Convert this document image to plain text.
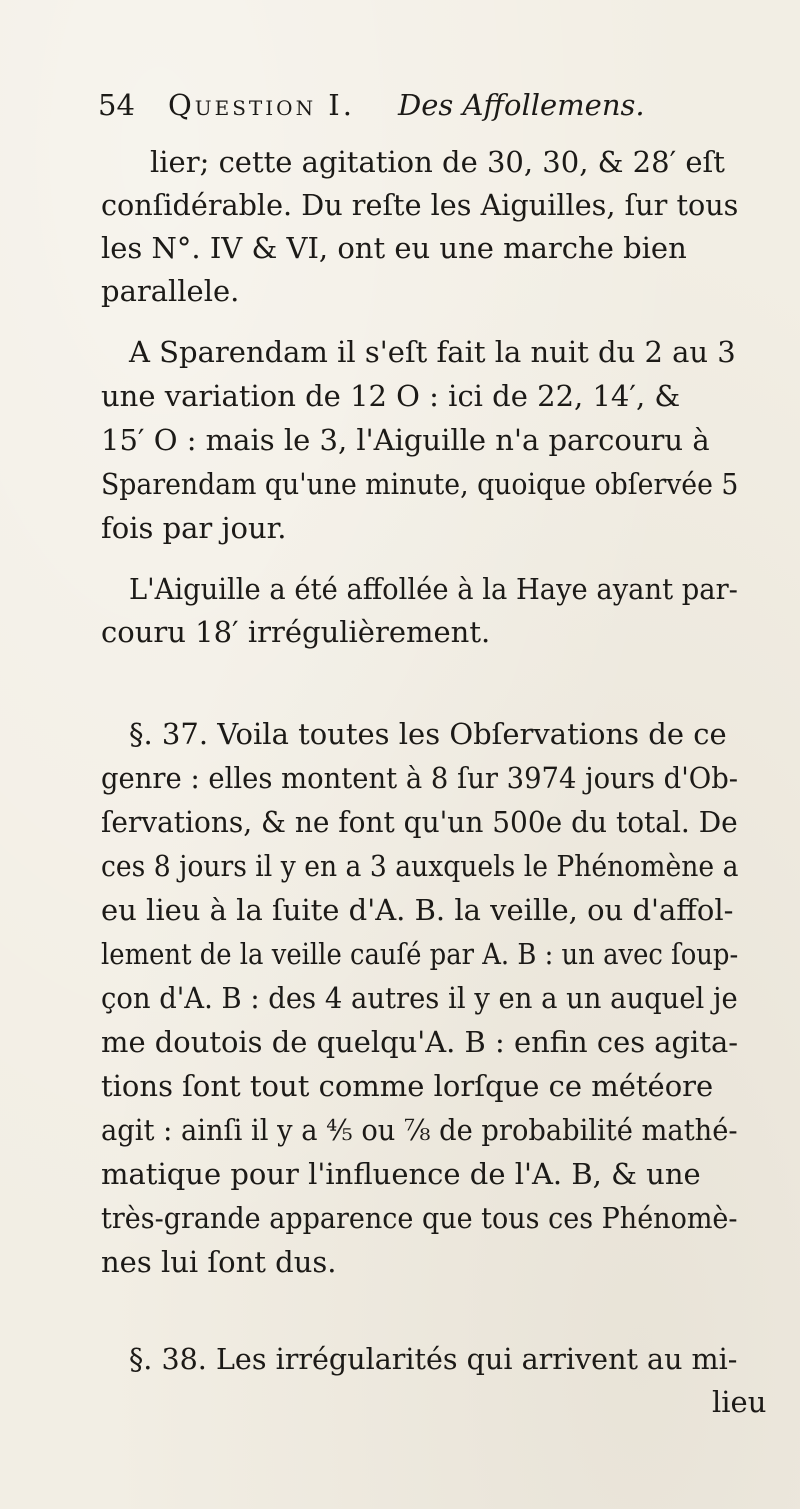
54 Question I. Des Affollemens.
lier; cette agitation de 30, 30, & 28′ eſt
conſidérable. Du reſte les Aiguilles, ſur tous
les N°. IV & VI, ont eu une marche bien
parallele.
A Sparendam il s'eſt fait la nuit du 2 au 3
une variation de 12 O : ici de 22, 14′, &
15′ O : mais le 3, l'Aiguille n'a parcouru à
Sparendam qu'une minute, quoique obſervée 5
fois par jour.
L'Aiguille a été affollée à la Haye ayant par-
couru 18′ irrégulièrement.
§. 37. Voila toutes les Obſervations de ce
genre : elles montent à 8 ſur 3974 jours d'Ob-
ſervations, & ne font qu'un 500e du total. De
ces 8 jours il y en a 3 auxquels le Phénomène a
eu lieu à la ſuite d'A. B. la veille, ou d'affol-
lement de la veille cauſé par A. B : un avec ſoup-
çon d'A. B : des 4 autres il y en a un auquel je
me doutois de quelqu'A. B : enfin ces agita-
tions ſont tout comme lorſque ce météore
agit : ainſi il y a ⅘ ou ⅞ de probabilité mathé-
matique pour l'influence de l'A. B, & une
très-grande apparence que tous ces Phénomè-
nes lui ſont dus.
§. 38. Les irrégularités qui arrivent au mi-
lieu
